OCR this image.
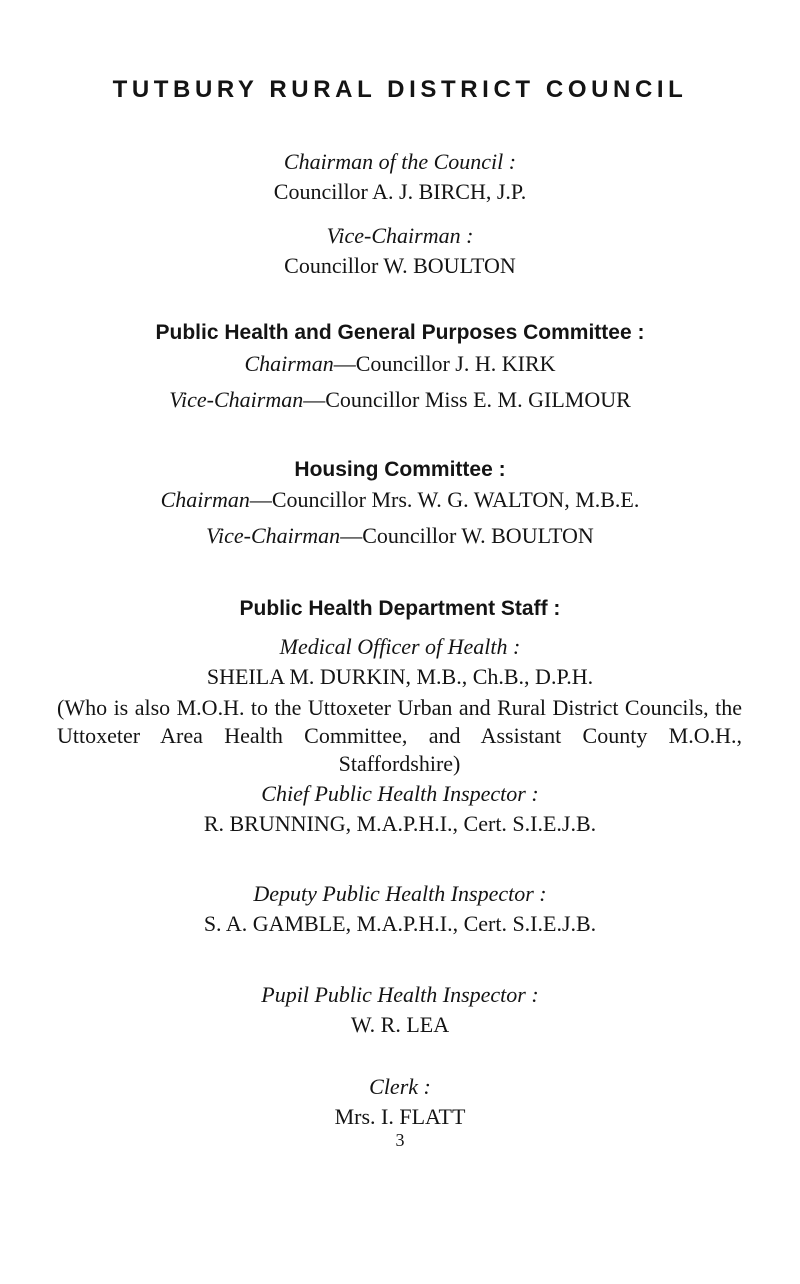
TUTBURY RURAL DISTRICT COUNCIL
Chairman of the Council :
Councillor A. J. BIRCH, J.P.
Vice-Chairman :
Councillor W. BOULTON
Public Health and General Purposes Committee :
Chairman—Councillor J. H. KIRK
Vice-Chairman—Councillor Miss E. M. GILMOUR
Housing Committee :
Chairman—Councillor Mrs. W. G. WALTON, M.B.E.
Vice-Chairman—Councillor W. BOULTON
Public Health Department Staff :
Medical Officer of Health :
SHEILA M. DURKIN, M.B., Ch.B., D.P.H.
(Who is also M.O.H. to the Uttoxeter Urban and Rural District Councils, the Uttoxeter Area Health Committee, and Assistant County M.O.H., Staffordshire)
Chief Public Health Inspector :
R. BRUNNING, M.A.P.H.I., Cert. S.I.E.J.B.
Deputy Public Health Inspector :
S. A. GAMBLE, M.A.P.H.I., Cert. S.I.E.J.B.
Pupil Public Health Inspector :
W. R. LEA
Clerk :
Mrs. I. FLATT
3
